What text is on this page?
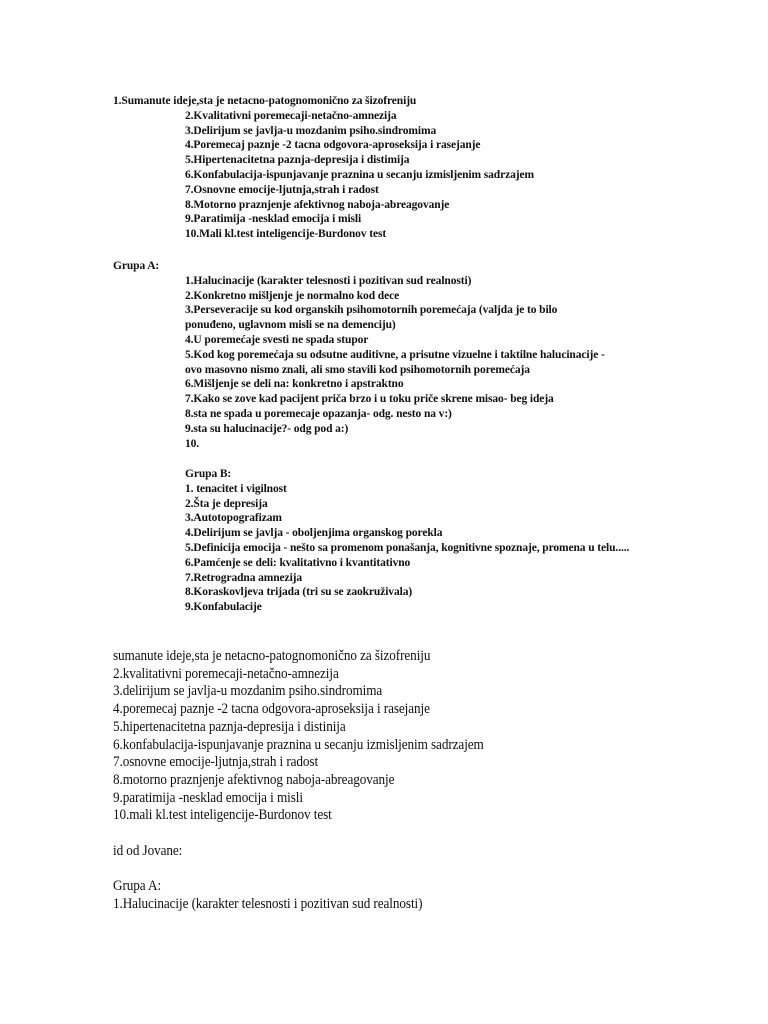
1.Sumanute ideje,sta je netacno-patognomonično za šizofreniju
2.Kvalitativni poremecaji-netačno-amnezija
3.Delirijum se javlja-u mozdanim psiho.sindromima
4.Poremecaj paznje -2 tacna odgovora-aproseksija i rasejanje
5.Hipertenacitetna paznja-depresija i distimija
6.Konfabulacija-ispunjavanje praznina u secanju izmisljenim sadrzajem
7.Osnovne emocije-ljutnja,strah i radost
8.Motorno praznjenje afektivnog naboja-abreagovanje
9.Paratimija -nesklad emocija i misli
10.Mali kl.test inteligencije-Burdonov test
Grupa A:
1.Halucinacije (karakter telesnosti i pozitivan sud realnosti)
2.Konkretno mišljenje je normalno kod dece
3.Perseveracije su kod organskih psihomotornih poremećaja (valjda je to bilo
ponuđeno, uglavnom misli se na demenciju)
4.U poremećaje svesti ne spada stupor
5.Kod kog poremećaja su odsutne auditivne, a prisutne vizuelne i taktilne halucinacije -
ovo masovno nismo znali, ali smo stavili kod psihomotornih poremećaja
6.Mišljenje se deli na: konkretno i apstraktno
7.Kako se zove kad pacijent priča brzo i u toku priče skrene misao- beg ideja
8.sta ne spada u poremecaje opazanja- odg. nesto na v:)
9.sta su halucinacije?- odg pod a:)
10.
Grupa B:
1. tenacitet i vigilnost
2.Šta je depresija
3.Autotopografizam
4.Delirijum se javlja - oboljenjima organskog porekla
5.Definicija emocija - nešto sa promenom ponašanja, kognitivne spoznaje, promena u telu.....
6.Pamćenje se deli: kvalitativno i kvantitativno
7.Retrogradna amnezija
8.Koraskovljeva trijada (tri su se zaokruživala)
9.Konfabulacije
sumanute ideje,sta je netacno-patognomonično za šizofreniju
2.kvalitativni poremecaji-netačno-amnezija
3.delirijum se javlja-u mozdanim psiho.sindromima
4.poremecaj paznje -2 tacna odgovora-aproseksija i rasejanje
5.hipertenacitetna paznja-depresija i distinija
6.konfabulacija-ispunjavanje praznina u secanju izmisljenim sadrzajem
7.osnovne emocije-ljutnja,strah i radost
8.motorno praznjenje afektivnog naboja-abreagovanje
9.paratimija -nesklad emocija i misli
10.mali kl.test inteligencije-Burdonov test
id od Jovane:
Grupa A:
1.Halucinacije (karakter telesnosti i pozitivan sud realnosti)
